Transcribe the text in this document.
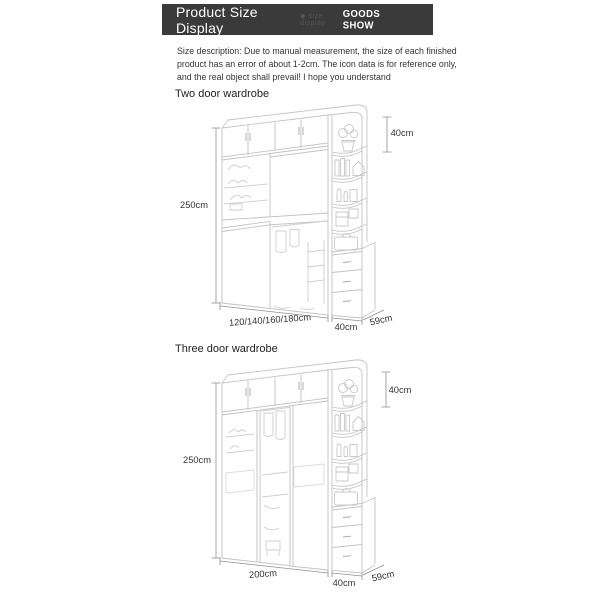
Product Size Display
◆ size display
GOODS SHOW
Size description: Due to manual measurement, the size of each finished
product has an error of about 1-2cm. The icon data is for reference only,
and the real object shall prevail! I hope you understand
Two door wardrobe
Three door wardrobe
250cm
40cm
120/140/160/180cm	40cm 59cm
250cm
40cm
200cm
40cm 59cm
